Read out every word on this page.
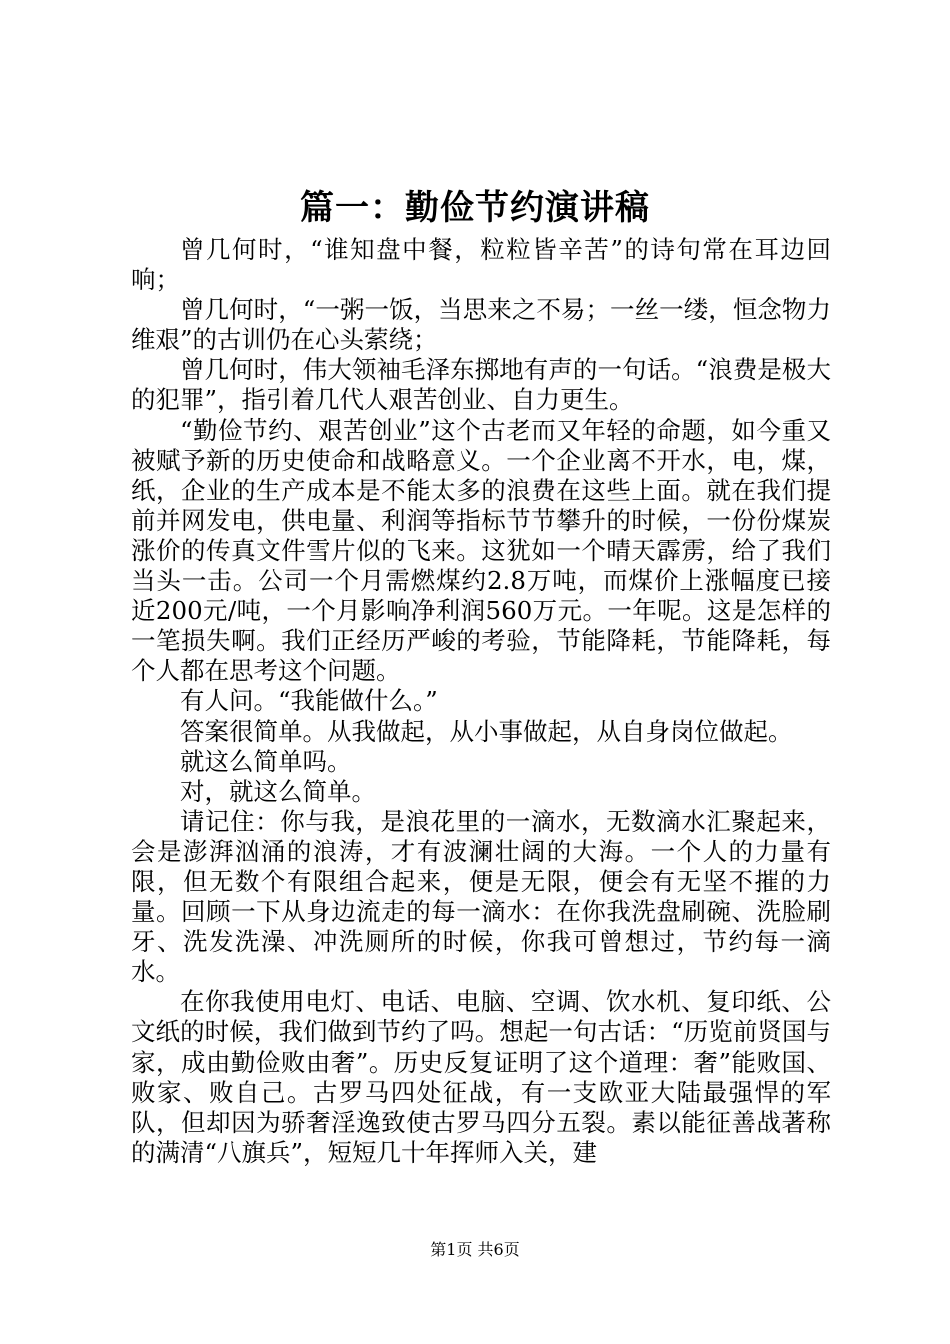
篇一：勤俭节约演讲稿

曾几何时，“谁知盘中餐，粒粒皆辛苦”的诗句常在耳边回响；

曾几何时，“一粥一饭，当思来之不易；一丝一缕，恒念物力维艰”的古训仍在心头萦绕；

曾几何时，伟大领袖毛泽东掷地有声的一句话。“浪费是极大的犯罪”，指引着几代人艰苦创业、自力更生。

“勤俭节约、艰苦创业”这个古老而又年轻的命题，如今重又被赋予新的历史使命和战略意义。一个企业离不开水，电，煤，纸，企业的生产成本是不能太多的浪费在这些上面。就在我们提前并网发电，供电量、利润等指标节节攀升的时候，一份份煤炭涨价的传真文件雪片似的飞来。这犹如一个晴天霹雳，给了我们当头一击。公司一个月需燃煤约2.8万吨，而煤价上涨幅度已接近200元/吨，一个月影响净利润560万元。一年呢。这是怎样的一笔损失啊。我们正经历严峻的考验，节能降耗，节能降耗，每个人都在思考这个问题。

有人问。“我能做什么。”

答案很简单。从我做起，从小事做起，从自身岗位做起。

就这么简单吗。

对，就这么简单。

请记住：你与我，是浪花里的一滴水，无数滴水汇聚起来，会是澎湃汹涌的浪涛，才有波澜壮阔的大海。一个人的力量有限，但无数个有限组合起来，便是无限，便会有无坚不摧的力量。回顾一下从身边流走的每一滴水：在你我洗盘刷碗、洗脸刷牙、洗发洗澡、冲洗厕所的时候，你我可曾想过，节约每一滴水。

在你我使用电灯、电话、电脑、空调、饮水机、复印纸、公文纸的时候，我们做到节约了吗。想起一句古话：“历览前贤国与家，成由勤俭败由奢”。历史反复证明了这个道理：奢”能败国、败家、败自己。古罗马四处征战，有一支欧亚大陆最强悍的军队，但却因为骄奢淫逸致使古罗马四分五裂。素以能征善战著称的满清“八旗兵”，短短几十年挥师入关，建

第1页 共6页
